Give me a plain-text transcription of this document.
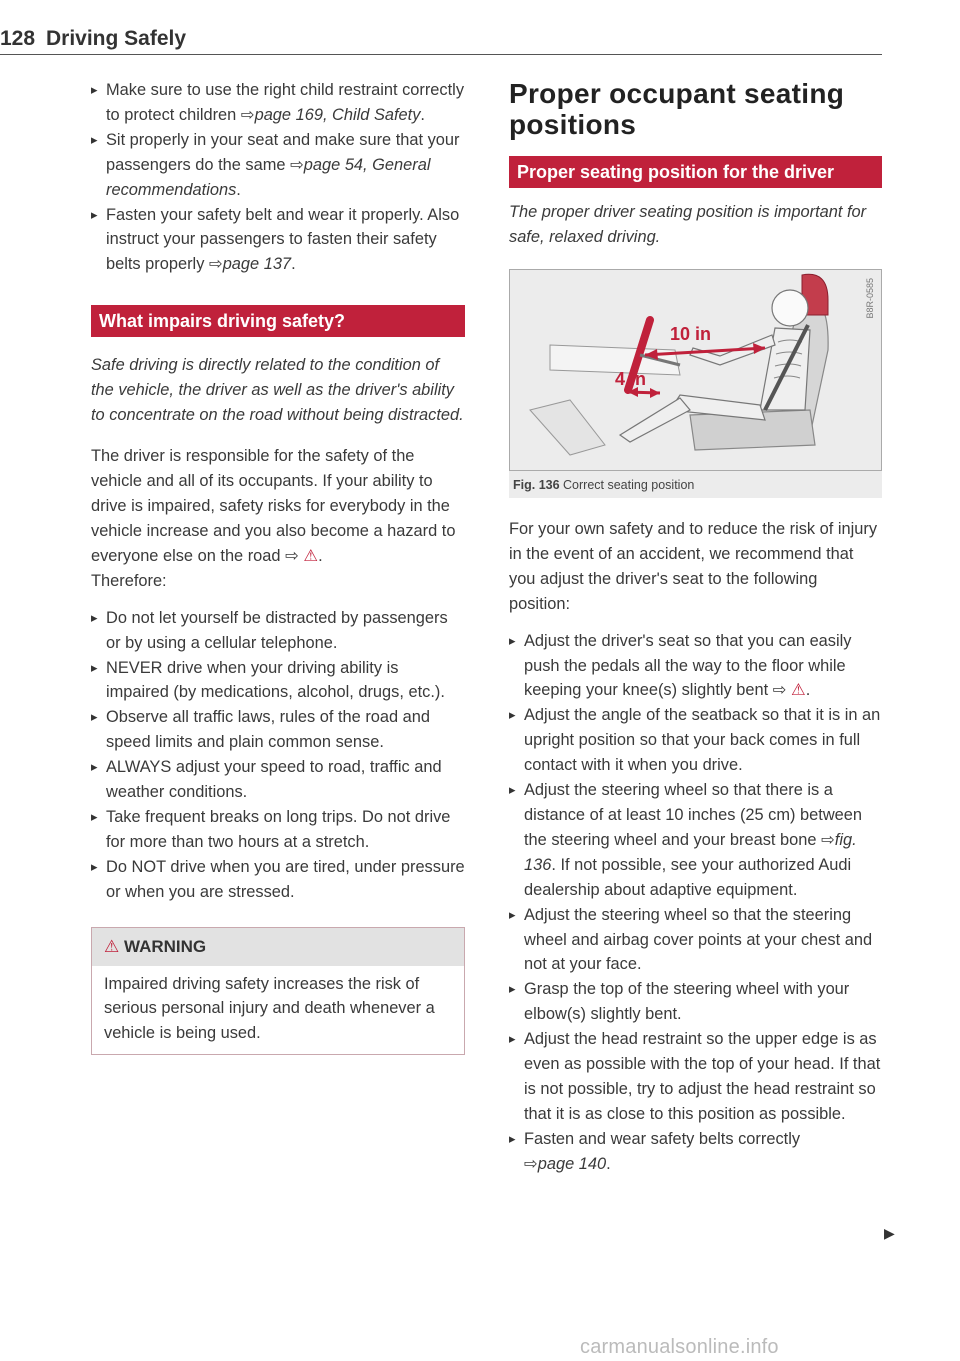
128 Driving Safely
▸ Make sure to use the right child restraint correctly to protect children ⇨page 169, Child Safety.
▸ Sit properly in your seat and make sure that your passengers do the same ⇨page 54, General recommendations.
▸ Fasten your safety belt and wear it properly. Also instruct your passengers to fasten their safety belts properly ⇨page 137.
What impairs driving safety?

Safe driving is directly related to the condition of the vehicle, the driver as well as the driver's ability to concentrate on the road without being distracted.

The driver is responsible for the safety of the vehicle and all of its occupants. If your ability to drive is impaired, safety risks for everybody in the vehicle increase and you also become a hazard to everyone else on the road ⇨ ⚠.
Therefore:

▸ Do not let yourself be distracted by passengers or by using a cellular telephone.
▸ NEVER drive when your driving ability is impaired (by medications, alcohol, drugs, etc.).
▸ Observe all traffic laws, rules of the road and speed limits and plain common sense.
▸ ALWAYS adjust your speed to road, traffic and weather conditions.
▸ Take frequent breaks on long trips. Do not drive for more than two hours at a stretch.
▸ Do NOT drive when you are tired, under pressure or when you are stressed.
⚠ WARNING

Impaired driving safety increases the risk of serious personal injury and death whenever a vehicle is being used.

Proper occupant seating positions
Proper seating position for the driver

The proper driver seating position is important for safe, relaxed driving.

10 in
4 in
B8R-0585
Fig. 136 Correct seating position

For your own safety and to reduce the risk of injury in the event of an accident, we recommend that you adjust the driver's seat to the following position:

▸ Adjust the driver's seat so that you can easily push the pedals all the way to the floor while keeping your knee(s) slightly bent ⇨ ⚠.
▸ Adjust the angle of the seatback so that it is in an upright position so that your back comes in full contact with it when you drive.
▸ Adjust the steering wheel so that there is a distance of at least 10 inches (25 cm) between the steering wheel and your breast bone ⇨fig. 136. If not possible, see your authorized Audi dealership about adaptive equipment.
▸ Adjust the steering wheel so that the steering wheel and airbag cover points at your chest and not at your face.
▸ Grasp the top of the steering wheel with your elbow(s) slightly bent.
▸ Adjust the head restraint so the upper edge is as even as possible with the top of your head. If that is not possible, try to adjust the head restraint so that it is as close to this position as possible.
▸ Fasten and wear safety belts correctly
⇨page 140.
▶
carmanualsonline.info
